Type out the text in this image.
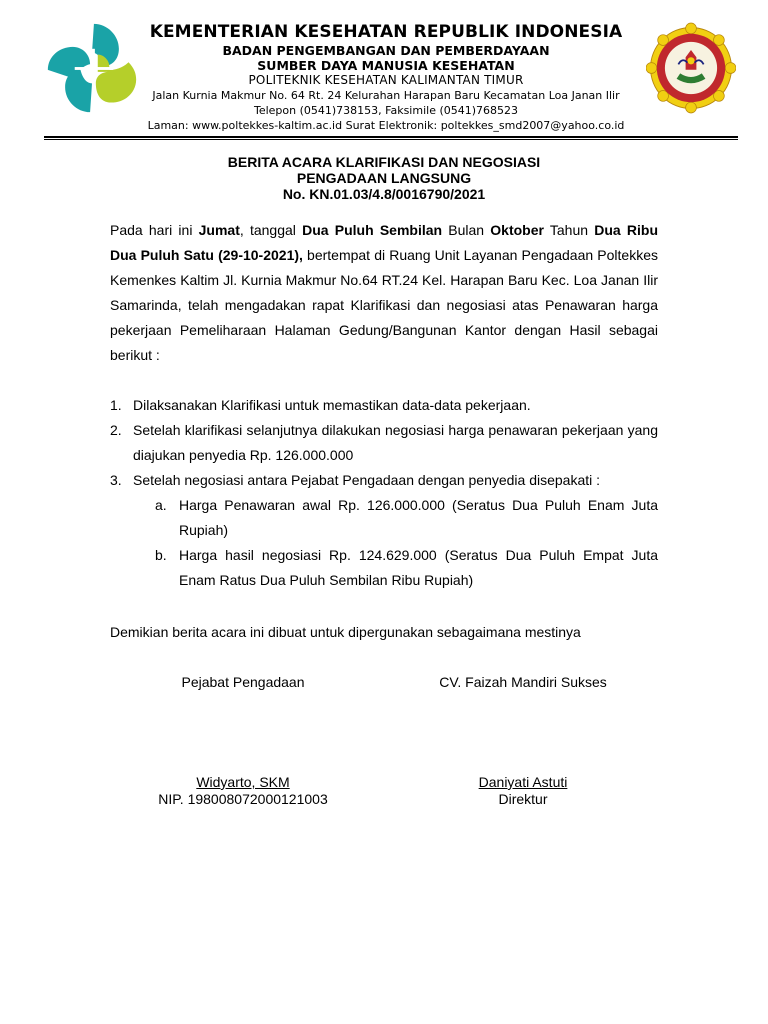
KEMENTERIAN KESEHATAN REPUBLIK INDONESIA
BADAN PENGEMBANGAN DAN PEMBERDAYAAN
SUMBER DAYA MANUSIA KESEHATAN
POLITEKNIK KESEHATAN KALIMANTAN TIMUR
Jalan Kurnia Makmur No. 64 Rt. 24 Kelurahan Harapan Baru Kecamatan Loa Janan Ilir
Telepon (0541)738153, Faksimile (0541)768523
Laman: www.poltekkes-kaltim.ac.id Surat Elektronik: poltekkes_smd2007@yahoo.co.id
BERITA ACARA KLARIFIKASI DAN NEGOSIASI
PENGADAAN LANGSUNG
No. KN.01.03/4.8/0016790/2021
Pada hari ini Jumat, tanggal Dua Puluh Sembilan Bulan Oktober Tahun Dua Ribu Dua Puluh Satu (29-10-2021), bertempat di Ruang Unit Layanan Pengadaan Poltekkes Kemenkes Kaltim Jl. Kurnia Makmur No.64 RT.24 Kel. Harapan Baru Kec. Loa Janan Ilir Samarinda, telah mengadakan rapat Klarifikasi dan negosiasi atas Penawaran harga pekerjaan Pemeliharaan Halaman Gedung/Bangunan Kantor dengan Hasil sebagai berikut :
1. Dilaksanakan Klarifikasi untuk memastikan data-data pekerjaan.
2. Setelah klarifikasi selanjutnya dilakukan negosiasi harga penawaran pekerjaan yang diajukan penyedia Rp. 126.000.000
3. Setelah negosiasi antara Pejabat Pengadaan dengan penyedia disepakati :
a. Harga Penawaran awal Rp. 126.000.000 (Seratus Dua Puluh Enam Juta Rupiah)
b. Harga hasil negosiasi Rp. 124.629.000 (Seratus Dua Puluh Empat Juta Enam Ratus Dua Puluh Sembilan Ribu Rupiah)
Demikian berita acara ini dibuat untuk dipergunakan sebagaimana mestinya
Pejabat Pengadaan	CV. Faizah Mandiri Sukses
Widyarto, SKM
NIP. 198008072000121003
Daniyati Astuti
Direktur
